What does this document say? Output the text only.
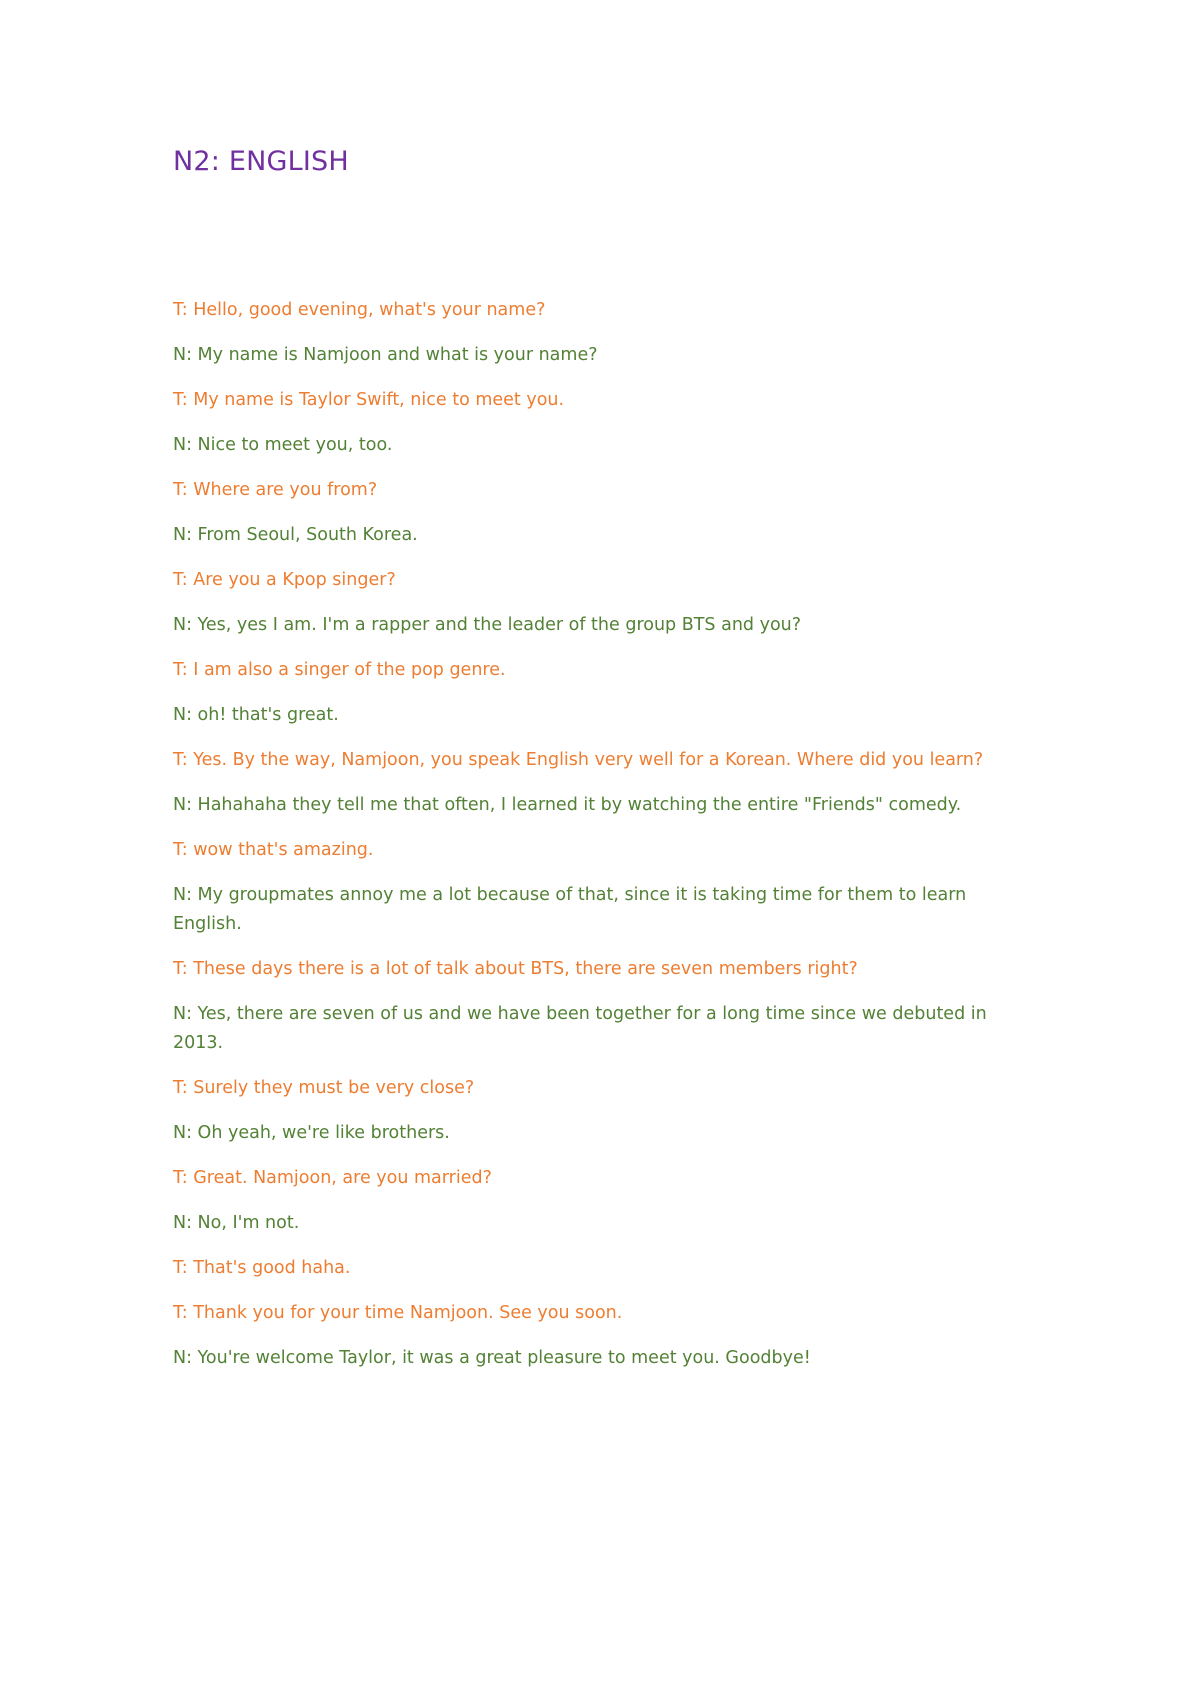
N2: ENGLISH

T: Hello, good evening, what's your name?

N: My name is Namjoon and what is your name?

T: My name is Taylor Swift, nice to meet you.

N: Nice to meet you, too.

T: Where are you from?

N: From Seoul, South Korea.

T: Are you a Kpop singer?

N: Yes, yes I am. I'm a rapper and the leader of the group BTS and you?

T: I am also a singer of the pop genre.

N: oh! that's great.

T: Yes. By the way, Namjoon, you speak English very well for a Korean. Where did you learn?

N: Hahahaha they tell me that often, I learned it by watching the entire "Friends" comedy.

T: wow that's amazing.

N: My groupmates annoy me a lot because of that, since it is taking time for them to learn English.

T: These days there is a lot of talk about BTS, there are seven members right?

N: Yes, there are seven of us and we have been together for a long time since we debuted in 2013.

T: Surely they must be very close?

N: Oh yeah, we're like brothers.

T: Great. Namjoon, are you married?

N: No, I'm not.

T: That's good haha.

T: Thank you for your time Namjoon. See you soon.

N: You're welcome Taylor, it was a great pleasure to meet you. Goodbye!
